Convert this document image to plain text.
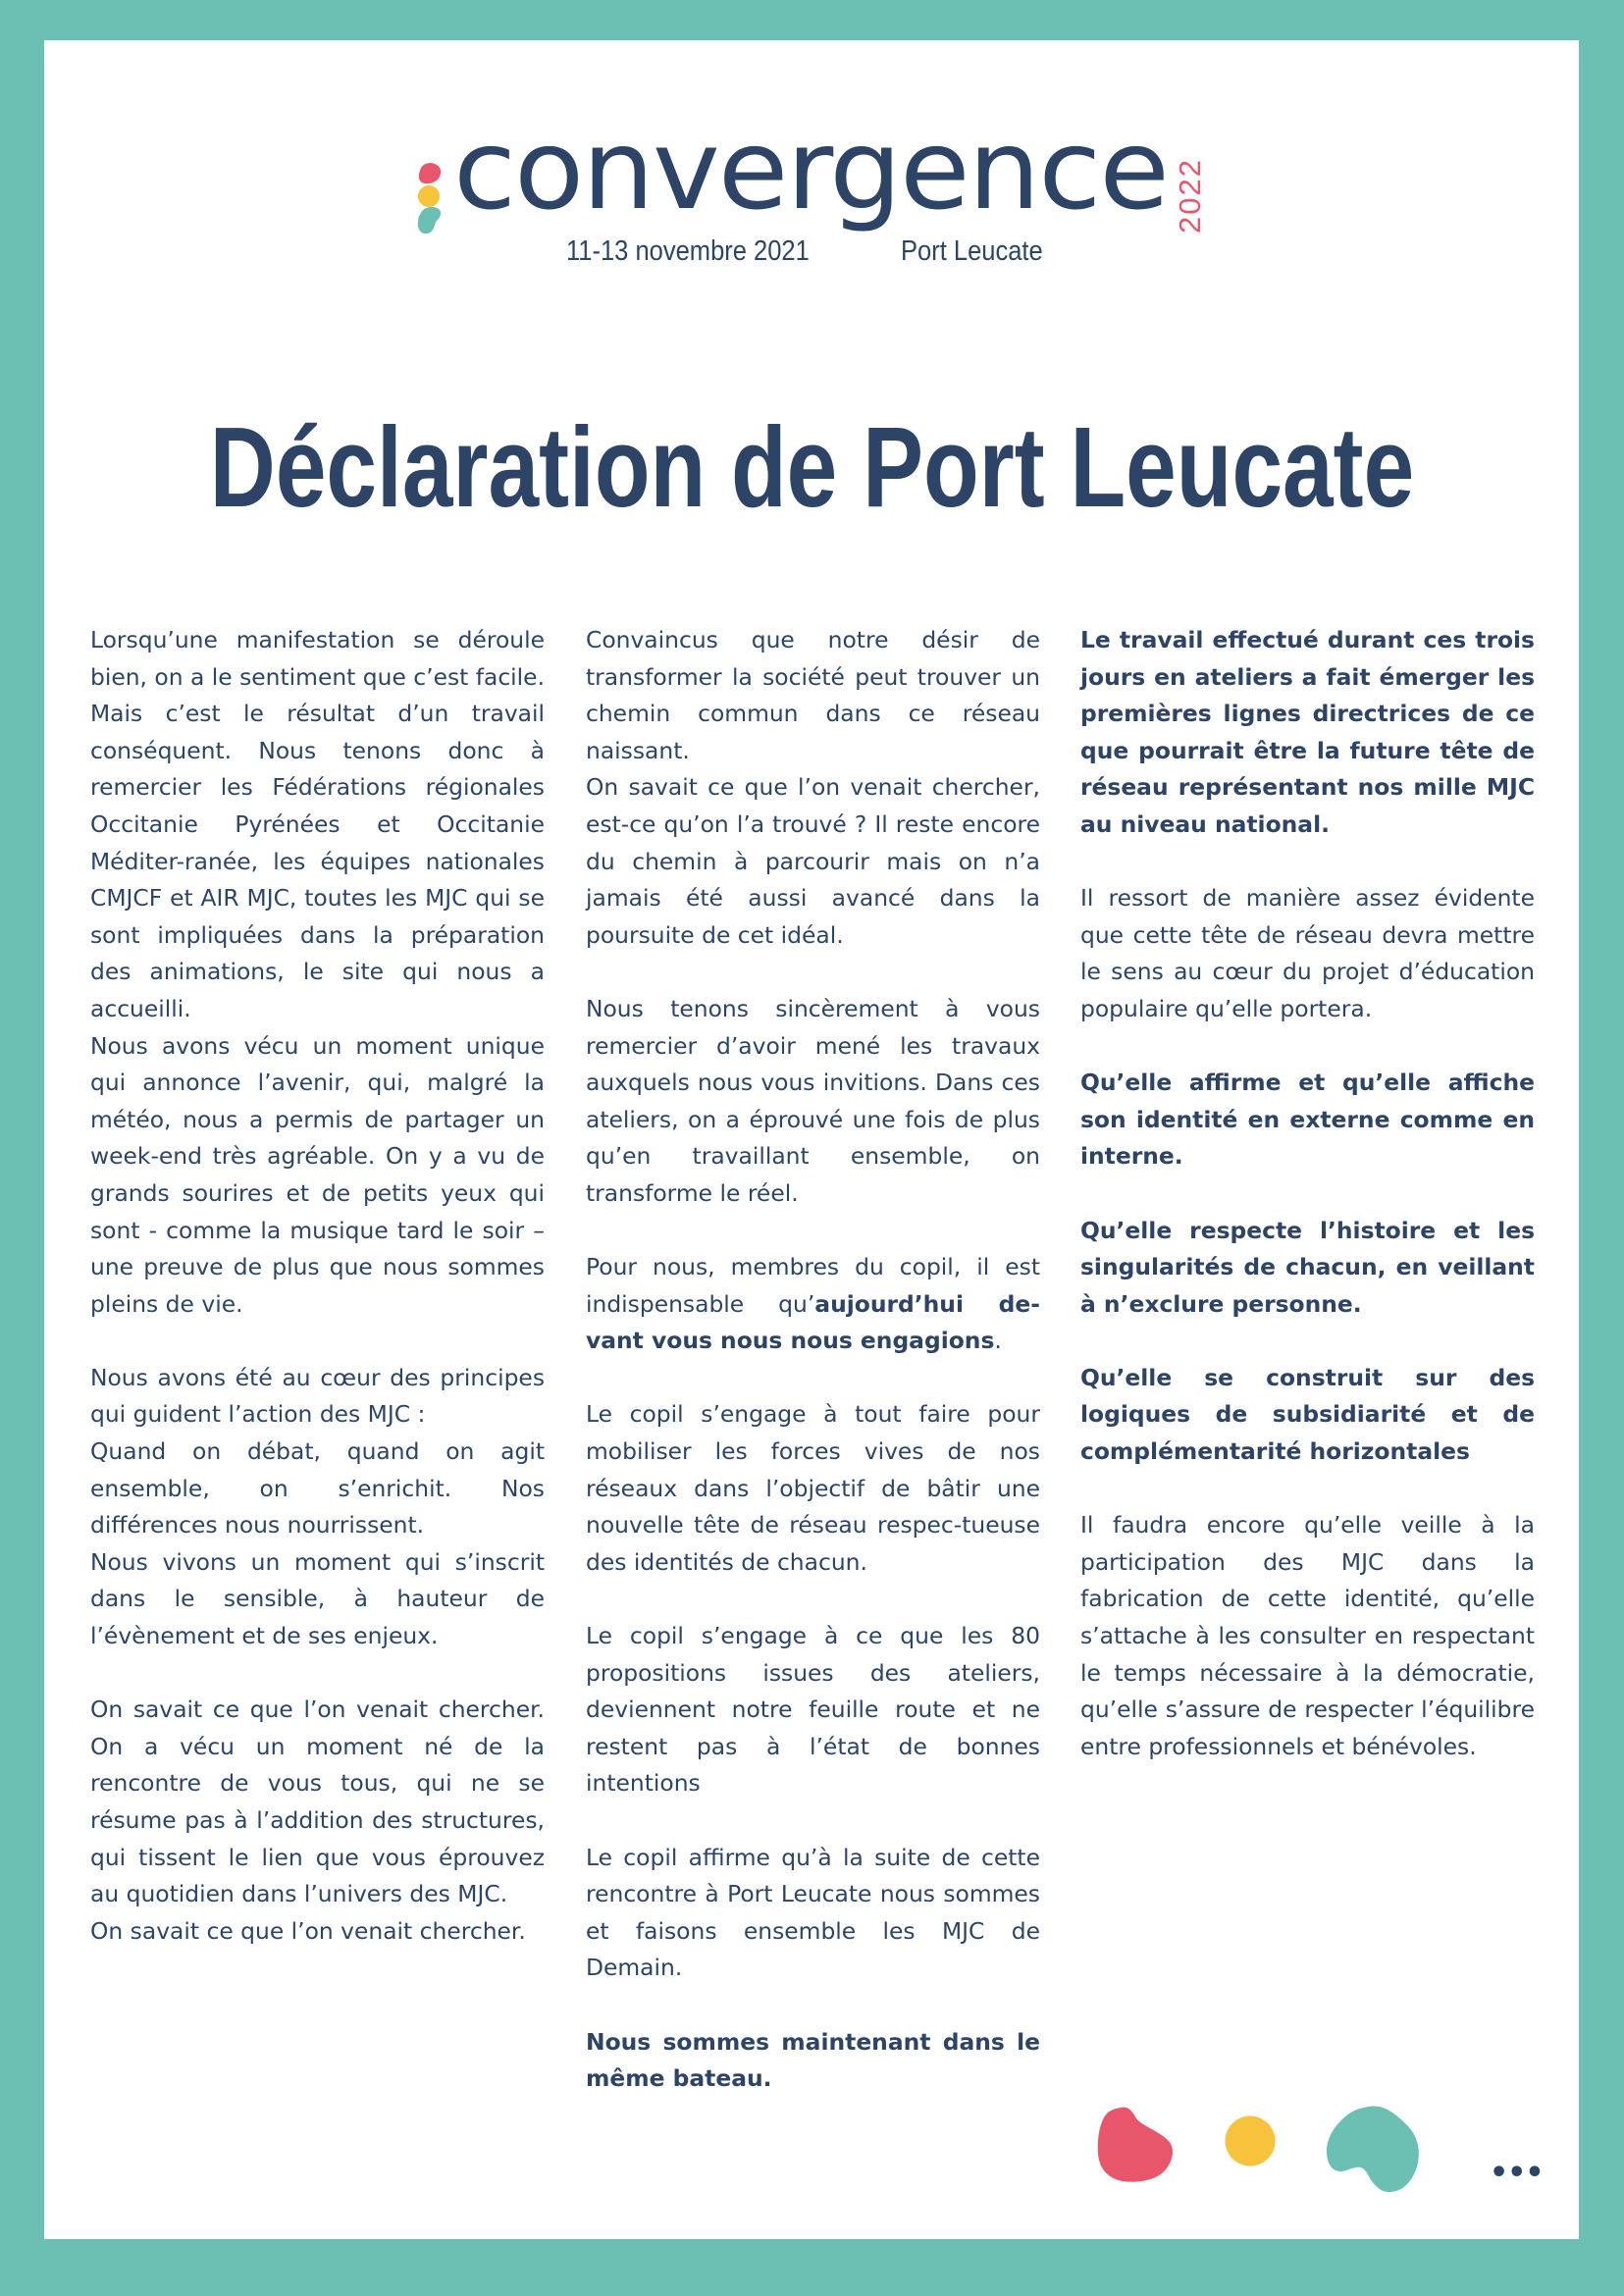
convergence 2022
11-13 novembre 2021	Port Leucate
Déclaration de Port Leucate

Lorsqu’une manifestation se déroule bien, on a le sentiment que c’est facile. Mais c’est le résultat d’un travail conséquent. Nous tenons donc à remercier les Fédérations régionales Occitanie Pyrénées et Occitanie Méditer-ranée, les équipes nationales CMJCF et AIR MJC, toutes les MJC qui se sont impliquées dans la préparation des animations, le site qui nous a accueilli.

Nous avons vécu un moment unique qui annonce l’avenir, qui, malgré la météo, nous a permis de partager un week-end très agréable. On y a vu de grands sourires et de petits yeux qui sont - comme la musique tard le soir – une preuve de plus que nous sommes pleins de vie.

Nous avons été au cœur des principes qui guident l’action des MJC :

Quand on débat, quand on agit ensemble, on s’enrichit. Nos différences nous nourrissent.

Nous vivons un moment qui s’inscrit dans le sensible, à hauteur de l’évènement et de ses enjeux.

On savait ce que l’on venait chercher. On a vécu un moment né de la rencontre de vous tous, qui ne se résume pas à l’addition des structures, qui tissent le lien que vous éprouvez au quotidien dans l’univers des MJC.

On savait ce que l’on venait chercher.

Convaincus que notre désir de transformer la société peut trouver un chemin commun dans ce réseau naissant.

On savait ce que l’on venait chercher, est-ce qu’on l’a trouvé ? Il reste encore du chemin à parcourir mais on n’a jamais été aussi avancé dans la poursuite de cet idéal.

Nous tenons sincèrement à vous remercier d’avoir mené les travaux auxquels nous vous invitions. Dans ces ateliers, on a éprouvé une fois de plus qu’en travaillant ensemble, on transforme le réel.

Pour nous, membres du copil, il est indispensable qu’aujourd’hui de-vant vous nous nous engagions.

Le copil s’engage à tout faire pour mobiliser les forces vives de nos réseaux dans l’objectif de bâtir une nouvelle tête de réseau respec-tueuse des identités de chacun.

Le copil s’engage à ce que les 80 propositions issues des ateliers, deviennent notre feuille route et ne restent pas à l’état de bonnes intentions

Le copil affirme qu’à la suite de cette rencontre à Port Leucate nous sommes et faisons ensemble les MJC de Demain.

Nous sommes maintenant dans le même bateau.

Le travail effectué durant ces trois jours en ateliers a fait émerger les premières lignes directrices de ce que pourrait être la future tête de réseau représentant nos mille MJC au niveau national.

Il ressort de manière assez évidente que cette tête de réseau devra mettre le sens au cœur du projet d’éducation populaire qu’elle portera.

Qu’elle affirme et qu’elle affiche son identité en externe comme en interne.

Qu’elle respecte l’histoire et les singularités de chacun, en veillant à n’exclure personne.

Qu’elle se construit sur des logiques de subsidiarité et de complémentarité horizontales

Il faudra encore qu’elle veille à la participation des MJC dans la fabrication de cette identité, qu’elle s’attache à les consulter en respectant le temps nécessaire à la démocratie, qu’elle s’assure de respecter l’équilibre entre professionnels et bénévoles.

•••
